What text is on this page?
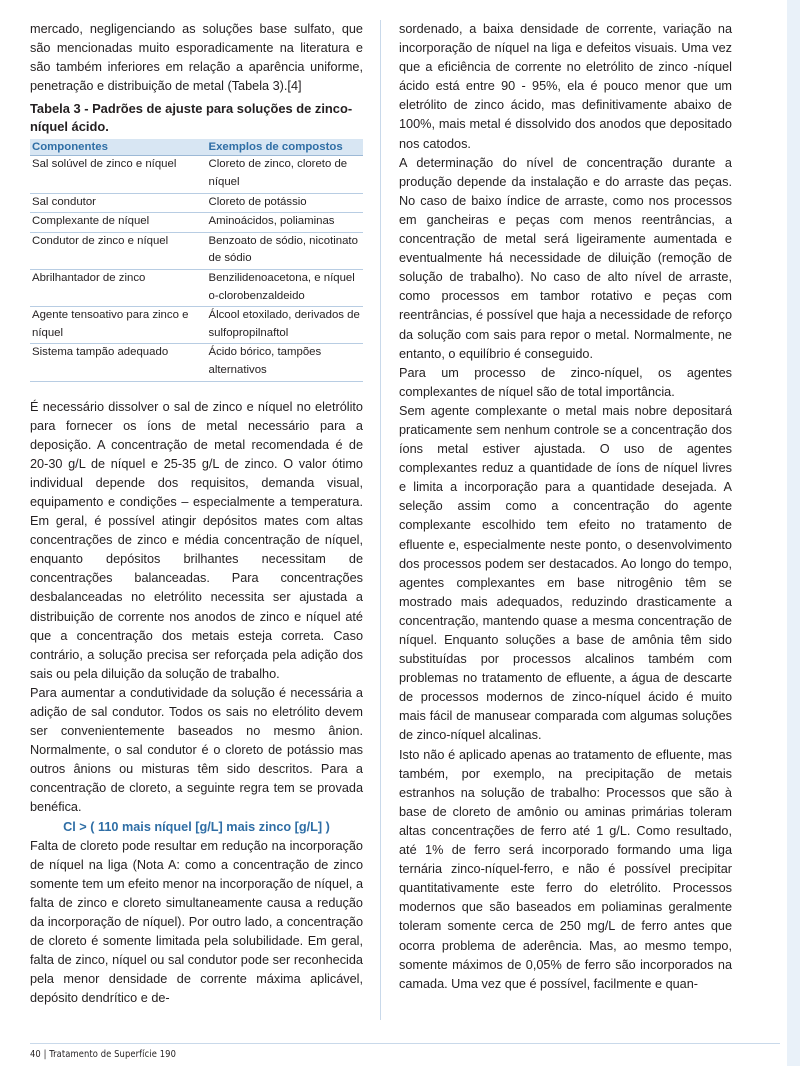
mercado, negligenciando as soluções base sulfato, que são mencionadas muito esporadicamente na literatura e são também inferiores em relação a aparência uniforme, penetração e distribuição de metal (Tabela 3).[4]

Tabela 3 - Padrões de ajuste para soluções de zinco-níquel ácido.
Componentes	Exemplos de compostos
Sal solúvel de zinco e níquel	Cloreto de zinco, cloreto de níquel
Sal condutor	Cloreto de potássio
Complexante de níquel	Aminoácidos, poliaminas
Condutor de zinco e níquel	Benzoato de sódio, nicotinato de sódio
Abrilhantador de zinco	Benzilidenoacetona, e níquel o-clorobenzaldeido
Agente tensoativo para zinco e níquel	Álcool etoxilado, derivados de sulfopropilnaftol
Sistema tampão adequado	Ácido bórico, tampões alternativos

É necessário dissolver o sal de zinco e níquel no eletrólito para fornecer os íons de metal necessário para a deposição. A concentração de metal recomendada é de 20-30 g/L de níquel e 25-35 g/L de zinco. O valor ótimo individual depende dos requisitos, demanda visual, equipamento e condições – especialmente a temperatura. Em geral, é possível atingir depósitos mates com altas concentrações de zinco e média concentração de níquel, enquanto depósitos brilhantes necessitam de concentrações balanceadas. Para concentrações desbalanceadas no eletrólito necessita ser ajustada a distribuição de corrente nos anodos de zinco e níquel até que a concentração dos metais esteja correta. Caso contrário, a solução precisa ser reforçada pela adição dos sais ou pela diluição da solução de trabalho.

Para aumentar a condutividade da solução é necessária a adição de sal condutor. Todos os sais no eletrólito devem ser convenientemente baseados no mesmo ânion. Normalmente, o sal condutor é o cloreto de potássio mas outros ânions ou misturas têm sido descritos. Para a concentração de cloreto, a seguinte regra tem se provada benéfica.

Cl > ( 110 mais níquel [g/L] mais zinco [g/L] )

Falta de cloreto pode resultar em redução na incorporação de níquel na liga (Nota A: como a concentração de zinco somente tem um efeito menor na incorporação de níquel, a falta de zinco e cloreto simultaneamente causa a redução da incorporação de níquel). Por outro lado, a concentração de cloreto é somente limitada pela solubilidade. Em geral, falta de zinco, níquel ou sal condutor pode ser reconhecida pela menor densidade de corrente máxima aplicável, depósito dendrítico e de-

sordenado, a baixa densidade de corrente, variação na incorporação de níquel na liga e defeitos visuais. Uma vez que a eficiência de corrente no eletrólito de zinco -níquel ácido está entre 90 - 95%, ela é pouco menor que um eletrólito de zinco ácido, mas definitivamente abaixo de 100%, mais metal é dissolvido dos anodos que depositado nos catodos.

A determinação do nível de concentração durante a produção depende da instalação e do arraste das peças. No caso de baixo índice de arraste, como nos processos em gancheiras e peças com menos reentrâncias, a concentração de metal será ligeiramente aumentada e eventualmente há necessidade de diluição (remoção de solução de trabalho). No caso de alto nível de arraste, como processos em tambor rotativo e peças com reentrâncias, é possível que haja a necessidade de reforço da solução com sais para repor o metal. Normalmente, ne entanto, o equilíbrio é conseguido.

Para um processo de zinco-níquel, os agentes complexantes de níquel são de total importância.

Sem agente complexante o metal mais nobre depositará praticamente sem nenhum controle se a concentração dos íons metal estiver ajustada. O uso de agentes complexantes reduz a quantidade de íons de níquel livres e limita a incorporação para a quantidade desejada. A seleção assim como a concentração do agente complexante escolhido tem efeito no tratamento de efluente e, especialmente neste ponto, o desenvolvimento dos processos podem ser destacados. Ao longo do tempo, agentes complexantes em base nitrogênio têm se mostrado mais adequados, reduzindo drasticamente a concentração, mantendo quase a mesma concentração de níquel. Enquanto soluções a base de amônia têm sido substituídas por processos alcalinos também com problemas no tratamento de efluente, a água de descarte de processos modernos de zinco-níquel ácido é muito mais fácil de manusear comparada com algumas soluções de zinco-níquel alcalinas.

Isto não é aplicado apenas ao tratamento de efluente, mas também, por exemplo, na precipitação de metais estranhos na solução de trabalho: Processos que são à base de cloreto de amônio ou aminas primárias toleram altas concentrações de ferro até 1 g/L. Como resultado, até 1% de ferro será incorporado formando uma liga ternária zinco-níquel-ferro, e não é possível precipitar quantitativamente este ferro do eletrólito. Processos modernos que são baseados em poliaminas geralmente toleram somente cerca de 250 mg/L de ferro antes que ocorra problema de aderência. Mas, ao mesmo tempo, somente máximos de 0,05% de ferro são incorporados na camada. Uma vez que é possível, facilmente e quan-

40 | Tratamento de Superfície 190
